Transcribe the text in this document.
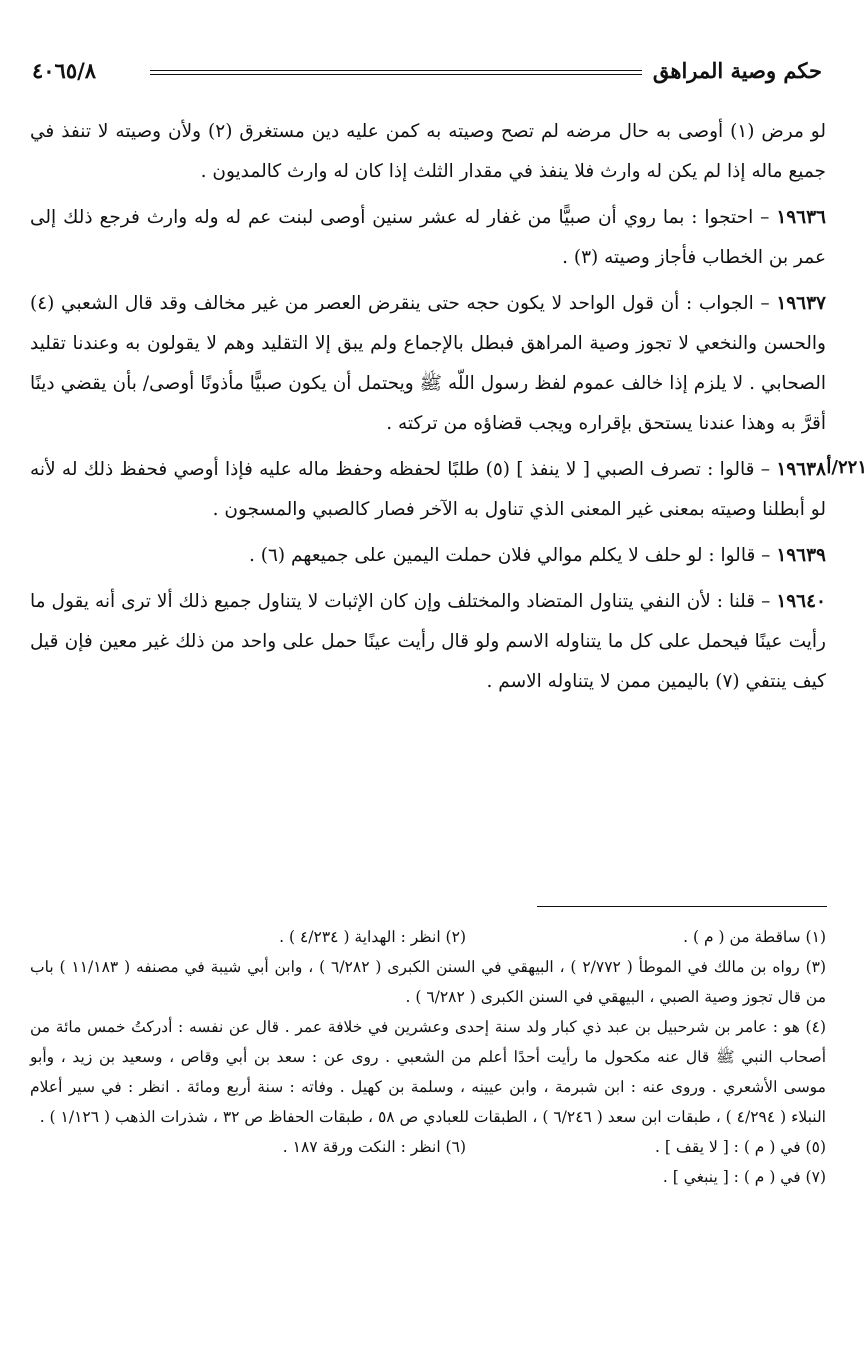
حكم وصية المراهق
٤٠٦٥/٨
٢٢١/أ

لو مرض (١) أوصى به حال مرضه لم تصح وصيته به كمن عليه دين مستغرق (٢) ولأن وصيته لا تنفذ في جميع ماله إذا لم يكن له وارث فلا ينفذ في مقدار الثلث إذا كان له وارث كالمديون .

١٩٦٣٦ – احتجوا : بما روي أن صبيًّا من غفار له عشر سنين أوصى لبنت عم له وله وارث فرجع ذلك إلى عمر بن الخطاب فأجاز وصيته (٣) .

١٩٦٣٧ – الجواب : أن قول الواحد لا يكون حجه حتى ينقرض العصر من غير مخالف وقد قال الشعبي (٤) والحسن والنخعي لا تجوز وصية المراهق فبطل بالإجماع ولم يبق إلا التقليد وهم لا يقولون به وعندنا تقليد الصحابي . لا يلزم إذا خالف عموم لفظ رسول اللّه ﷺ ويحتمل أن يكون صبيًّا مأذونًا أوصى/ بأن يقضي دينًا أقرَّ به وهذا عندنا يستحق بإقراره ويجب قضاؤه من تركته .

١٩٦٣٨ – قالوا : تصرف الصبي [ لا ينفذ ] (٥) طلبًا لحفظه وحفظ ماله عليه فإذا أوصي فحفظ ذلك له لأنه لو أبطلنا وصيته بمعنى غير المعنى الذي تناول به الآخر فصار كالصبي والمسجون .

١٩٦٣٩ – قالوا : لو حلف لا يكلم موالي فلان حملت اليمين على جميعهم (٦) .

١٩٦٤٠ – قلنا : لأن النفي يتناول المتضاد والمختلف وإن كان الإثبات لا يتناول جميع ذلك ألا ترى أنه يقول ما رأيت عينًا فيحمل على كل ما يتناوله الاسم ولو قال رأيت عينًا حمل على واحد من ذلك غير معين فإن قيل كيف ينتفي (٧) باليمين ممن لا يتناوله الاسم .

(١) ساقطة من ( م ) .

(٢) انظر : الهداية ( ٤/٢٣٤ ) .

(٣) رواه بن مالك في الموطأ ( ٢/٧٧٢ ) ، البيهقي في السنن الكبرى ( ٦/٢٨٢ ) ، وابن أبي شيبة في مصنفه ( ١١/١٨٣ ) باب من قال تجوز وصية الصبي ، البيهقي في السنن الكبرى ( ٦/٢٨٢ ) .

(٤) هو : عامر بن شرحبيل بن عبد ذي كبار ولد سنة إحدى وعشرين في خلافة عمر . قال عن نفسه : أدركتُ خمس مائة من أصحاب النبي ﷺ قال عنه مكحول ما رأيت أحدًا أعلم من الشعبي . روى عن : سعد بن أبي وقاص ، وسعيد بن زيد ، وأبو موسى الأشعري . وروى عنه : ابن شبرمة ، وابن عيينه ، وسلمة بن كهيل . وفاته : سنة أربع ومائة . انظر : في سير أعلام النبلاء ( ٤/٢٩٤ ) ، طبقات ابن سعد ( ٦/٢٤٦ ) ، الطبقات للعبادي ص ٥٨ ، طبقات الحفاظ ص ٣٢ ، شذرات الذهب ( ١/١٢٦ ) .

(٥) في ( م ) : [ لا يقف ] .

(٦) انظر : النكت ورقة ١٨٧ .

(٧) في ( م ) : [ ينبغي ] .
